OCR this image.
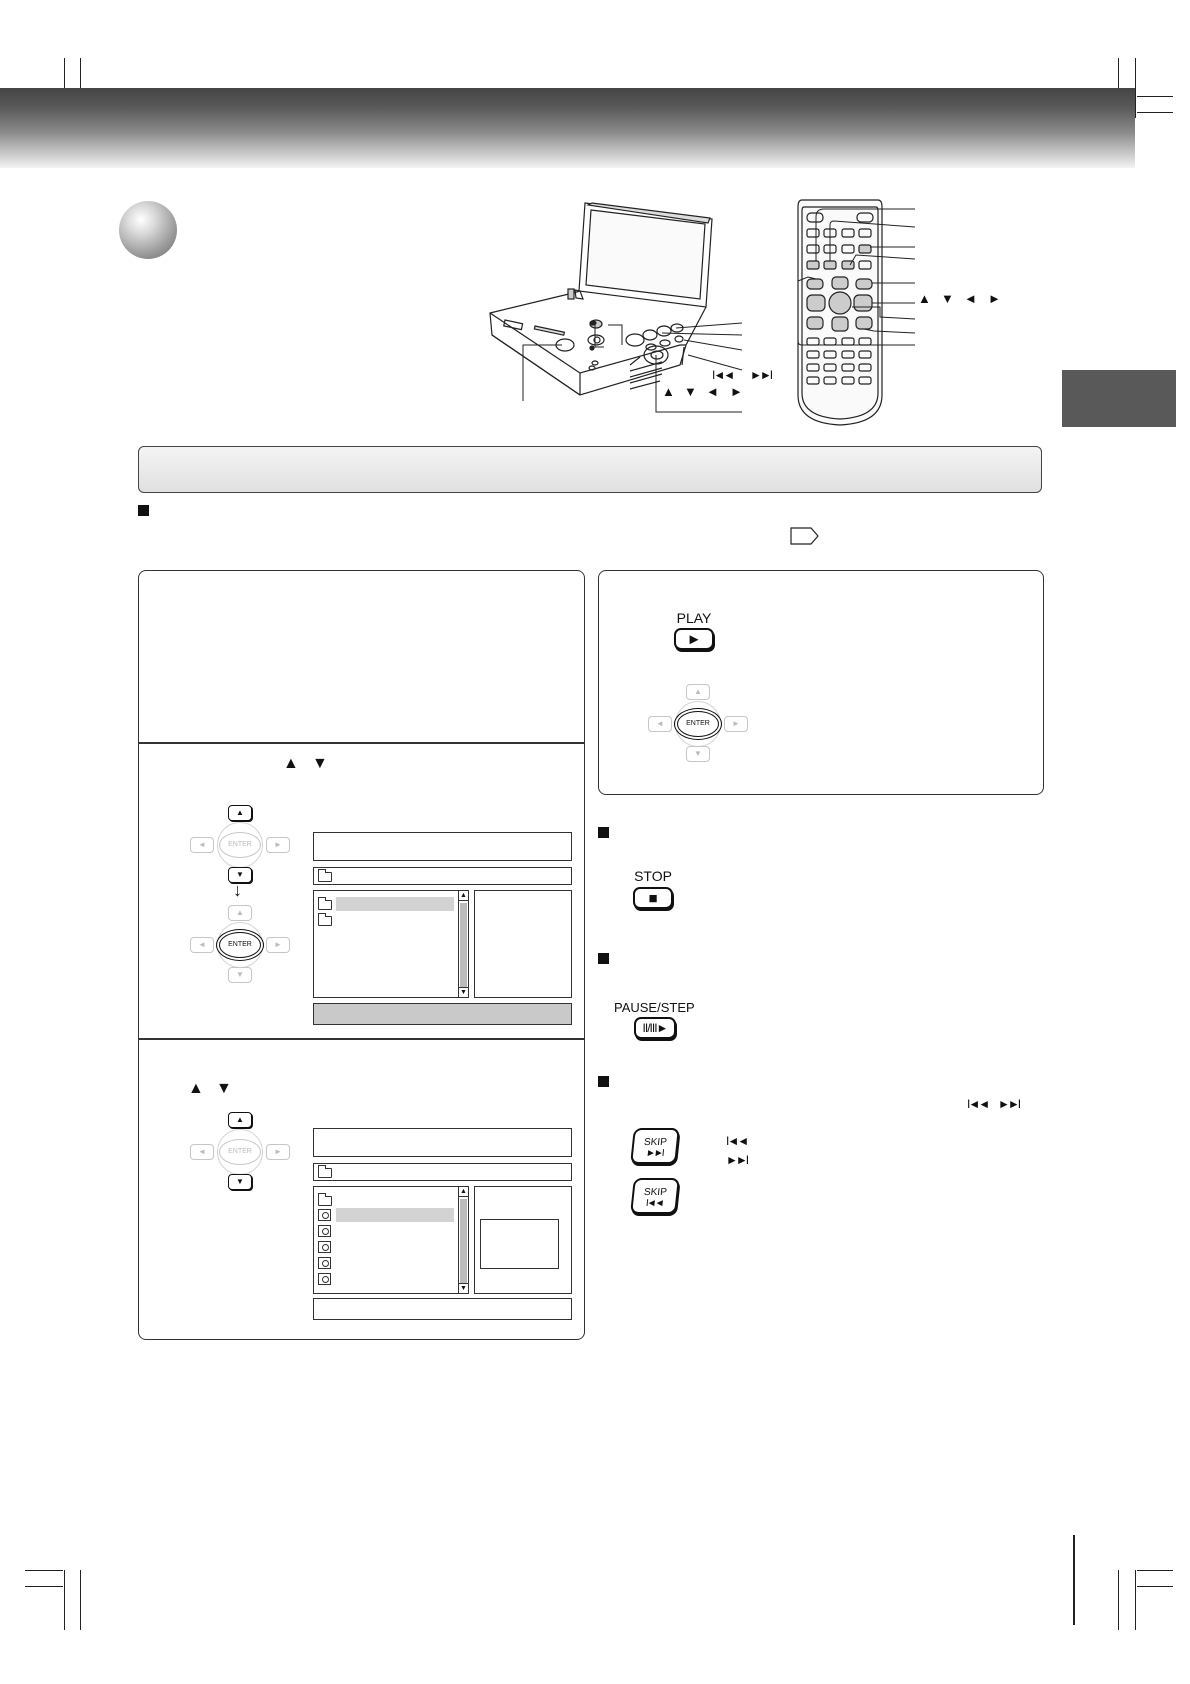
I◄◄ ►►I
▲ ▼ ◄ ►
▲ ▼ ◄ ►
▲ ▼
▲
◄	►
▼
ENTER
↓
▲
◄	►
▼
ENTER
▲
▼
▲ ▼
▲
◄	►
▼
ENTER
▲
▼
PLAY
►
▲
◄	►
▼
ENTER
STOP
■
PAUSE/STEP
II/III►
I◄◄ ►►I
SKIP
►►I
SKIP
I◄◄
I◄◄
►►I
